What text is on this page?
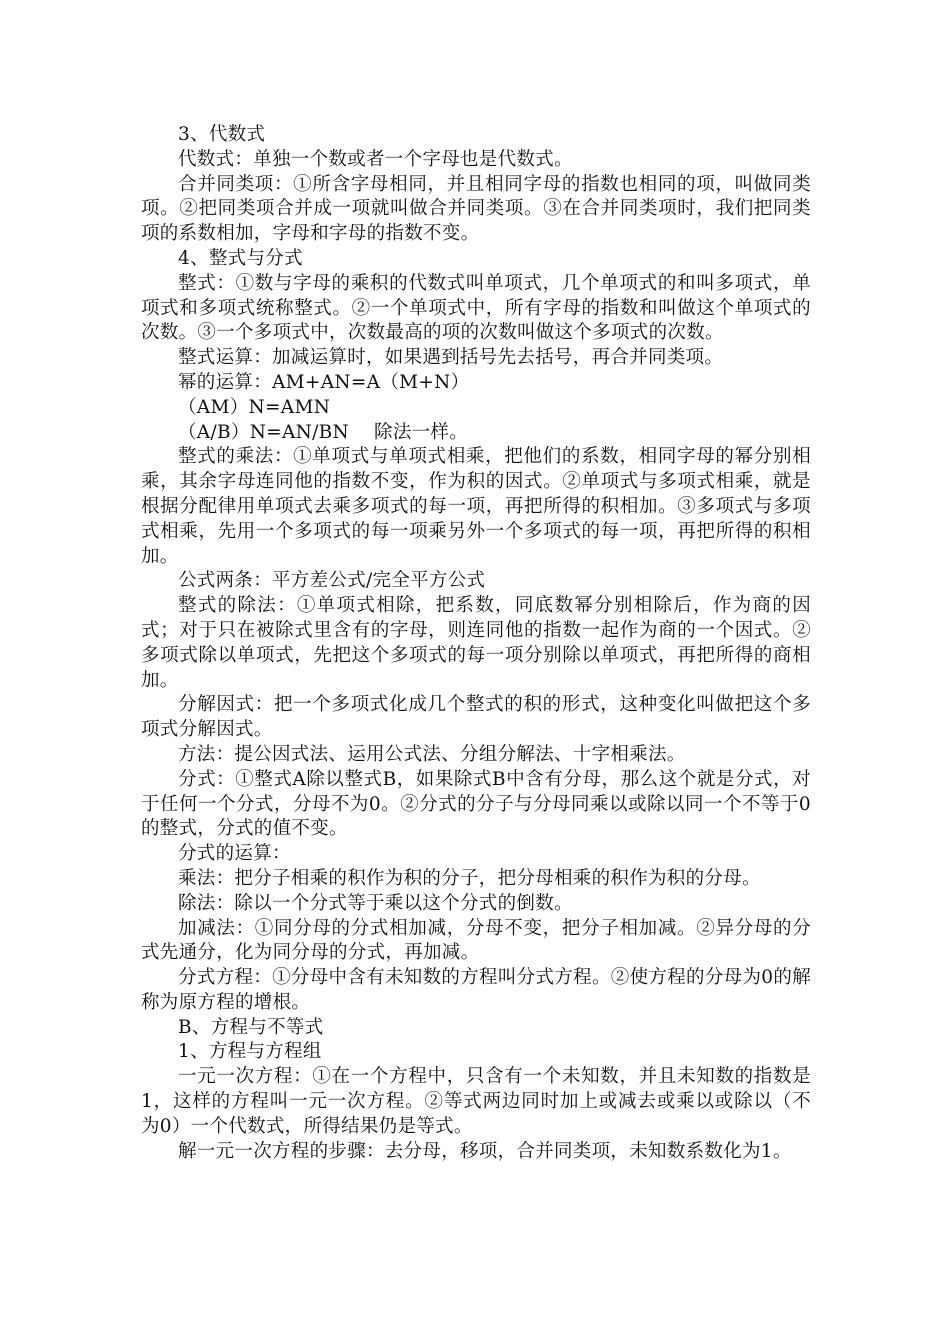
3、代数式

代数式：单独一个数或者一个字母也是代数式。

合并同类项：①所含字母相同，并且相同字母的指数也相同的项，叫做同类项。②把同类项合并成一项就叫做合并同类项。③在合并同类项时，我们把同类项的系数相加，字母和字母的指数不变。

4、整式与分式

整式：①数与字母的乘积的代数式叫单项式，几个单项式的和叫多项式，单项式和多项式统称整式。②一个单项式中，所有字母的指数和叫做这个单项式的次数。③一个多项式中，次数最高的项的次数叫做这个多项式的次数。

整式运算：加减运算时，如果遇到括号先去括号，再合并同类项。

幂的运算：AM+AN=A（M+N）

（AM）N=AMN

（A/B）N=AN/BN　 除法一样。

整式的乘法：①单项式与单项式相乘，把他们的系数，相同字母的幂分别相乘，其余字母连同他的指数不变，作为积的因式。②单项式与多项式相乘，就是根据分配律用单项式去乘多项式的每一项，再把所得的积相加。③多项式与多项式相乘，先用一个多项式的每一项乘另外一个多项式的每一项，再把所得的积相加。

公式两条：平方差公式/完全平方公式

整式的除法：①单项式相除，把系数，同底数幂分别相除后，作为商的因式；对于只在被除式里含有的字母，则连同他的指数一起作为商的一个因式。②多项式除以单项式，先把这个多项式的每一项分别除以单项式，再把所得的商相加。

分解因式：把一个多项式化成几个整式的积的形式，这种变化叫做把这个多项式分解因式。

方法：提公因式法、运用公式法、分组分解法、十字相乘法。

分式：①整式A除以整式B，如果除式B中含有分母，那么这个就是分式，对于任何一个分式，分母不为0。②分式的分子与分母同乘以或除以同一个不等于0的整式，分式的值不变。

分式的运算：

乘法：把分子相乘的积作为积的分子，把分母相乘的积作为积的分母。

除法：除以一个分式等于乘以这个分式的倒数。

加减法：①同分母的分式相加减，分母不变，把分子相加减。②异分母的分式先通分，化为同分母的分式，再加减。

分式方程：①分母中含有未知数的方程叫分式方程。②使方程的分母为0的解称为原方程的增根。

B、方程与不等式

1、方程与方程组

一元一次方程：①在一个方程中，只含有一个未知数，并且未知数的指数是1，这样的方程叫一元一次方程。②等式两边同时加上或减去或乘以或除以（不为0）一个代数式，所得结果仍是等式。

解一元一次方程的步骤：去分母，移项，合并同类项，未知数系数化为1。
